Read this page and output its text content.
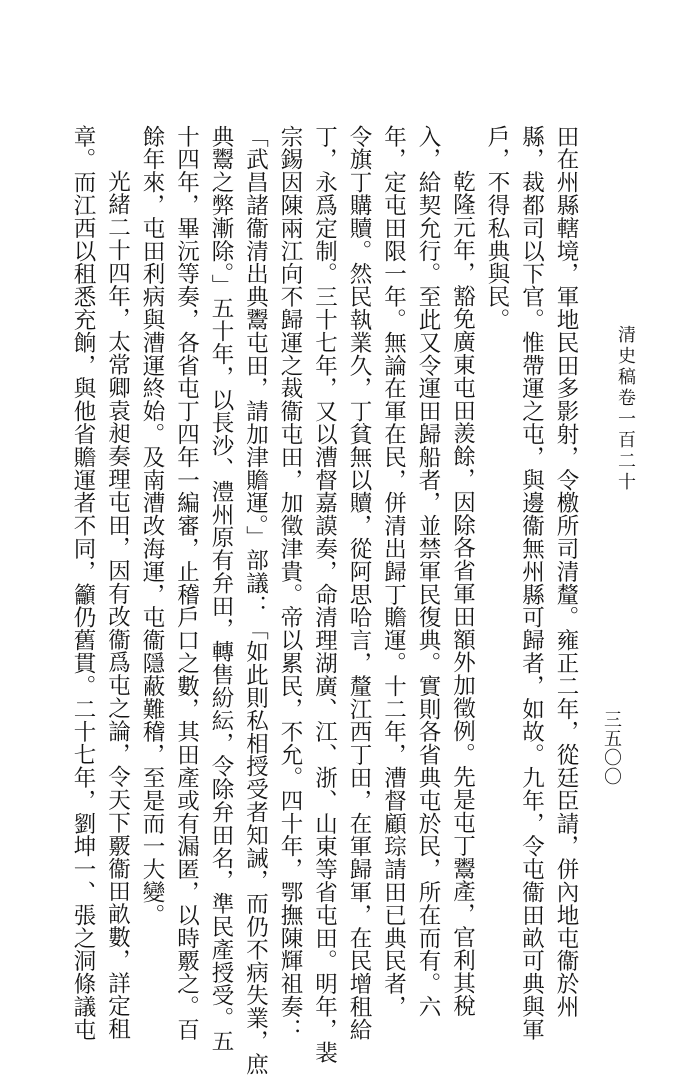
清史稿卷一百二十
三五〇〇
田在州縣轄境，軍地民田多影射，令檄所司清釐。雍正二年，從廷臣請，併內地屯衞於州
縣，裁都司以下官。惟帶運之屯，與邊衞無州縣可歸者，如故。九年，令屯衞田畝可典與軍
戶，不得私典與民。
乾隆元年，豁免廣東屯田羨餘，因除各省軍田額外加徵例。先是屯丁鬻產，官利其稅
入，給契允行。至此又令運田歸船者，並禁軍民復典。實則各省典屯於民，所在而有。六
年，定屯田限一年。無論在軍在民，併清出歸丁贍運。十二年，漕督顧琮請田已典民者，
令旗丁購贖。然民執業久，丁貧無以贖，從阿思哈言，釐江西丁田，在軍歸軍，在民增租給
丁，永爲定制。三十七年，又以漕督嘉謨奏，命清理湖廣、江、浙、山東等省屯田。明年，裴
宗錫因陳兩江向不歸運之裁衞屯田，加徵津貴。帝以累民，不允。四十年，鄂撫陳輝祖奏：
「武昌諸衞清出典鬻屯田，請加津贍運。」部議：「如此則私相授受者知誡，而仍不病失業，庶
典鬻之弊漸除。」五十年，以長沙、澧州原有弁田，轉售紛紜，令除弁田名，準民產授受。五
十四年，畢沅等奏，各省屯丁四年一編審，止稽戶口之數，其田產或有漏匿，以時覈之。百
餘年來，屯田利病與漕運終始。及南漕改海運，屯衞隱蔽難稽，至是而一大變。
光緒二十四年，太常卿袁昶奏理屯田，因有改衞爲屯之論，令天下覈衞田畝數，詳定租
章。而江西以租悉充餉，與他省贍運者不同，籲仍舊貫。二十七年，劉坤一、張之洞條議屯
